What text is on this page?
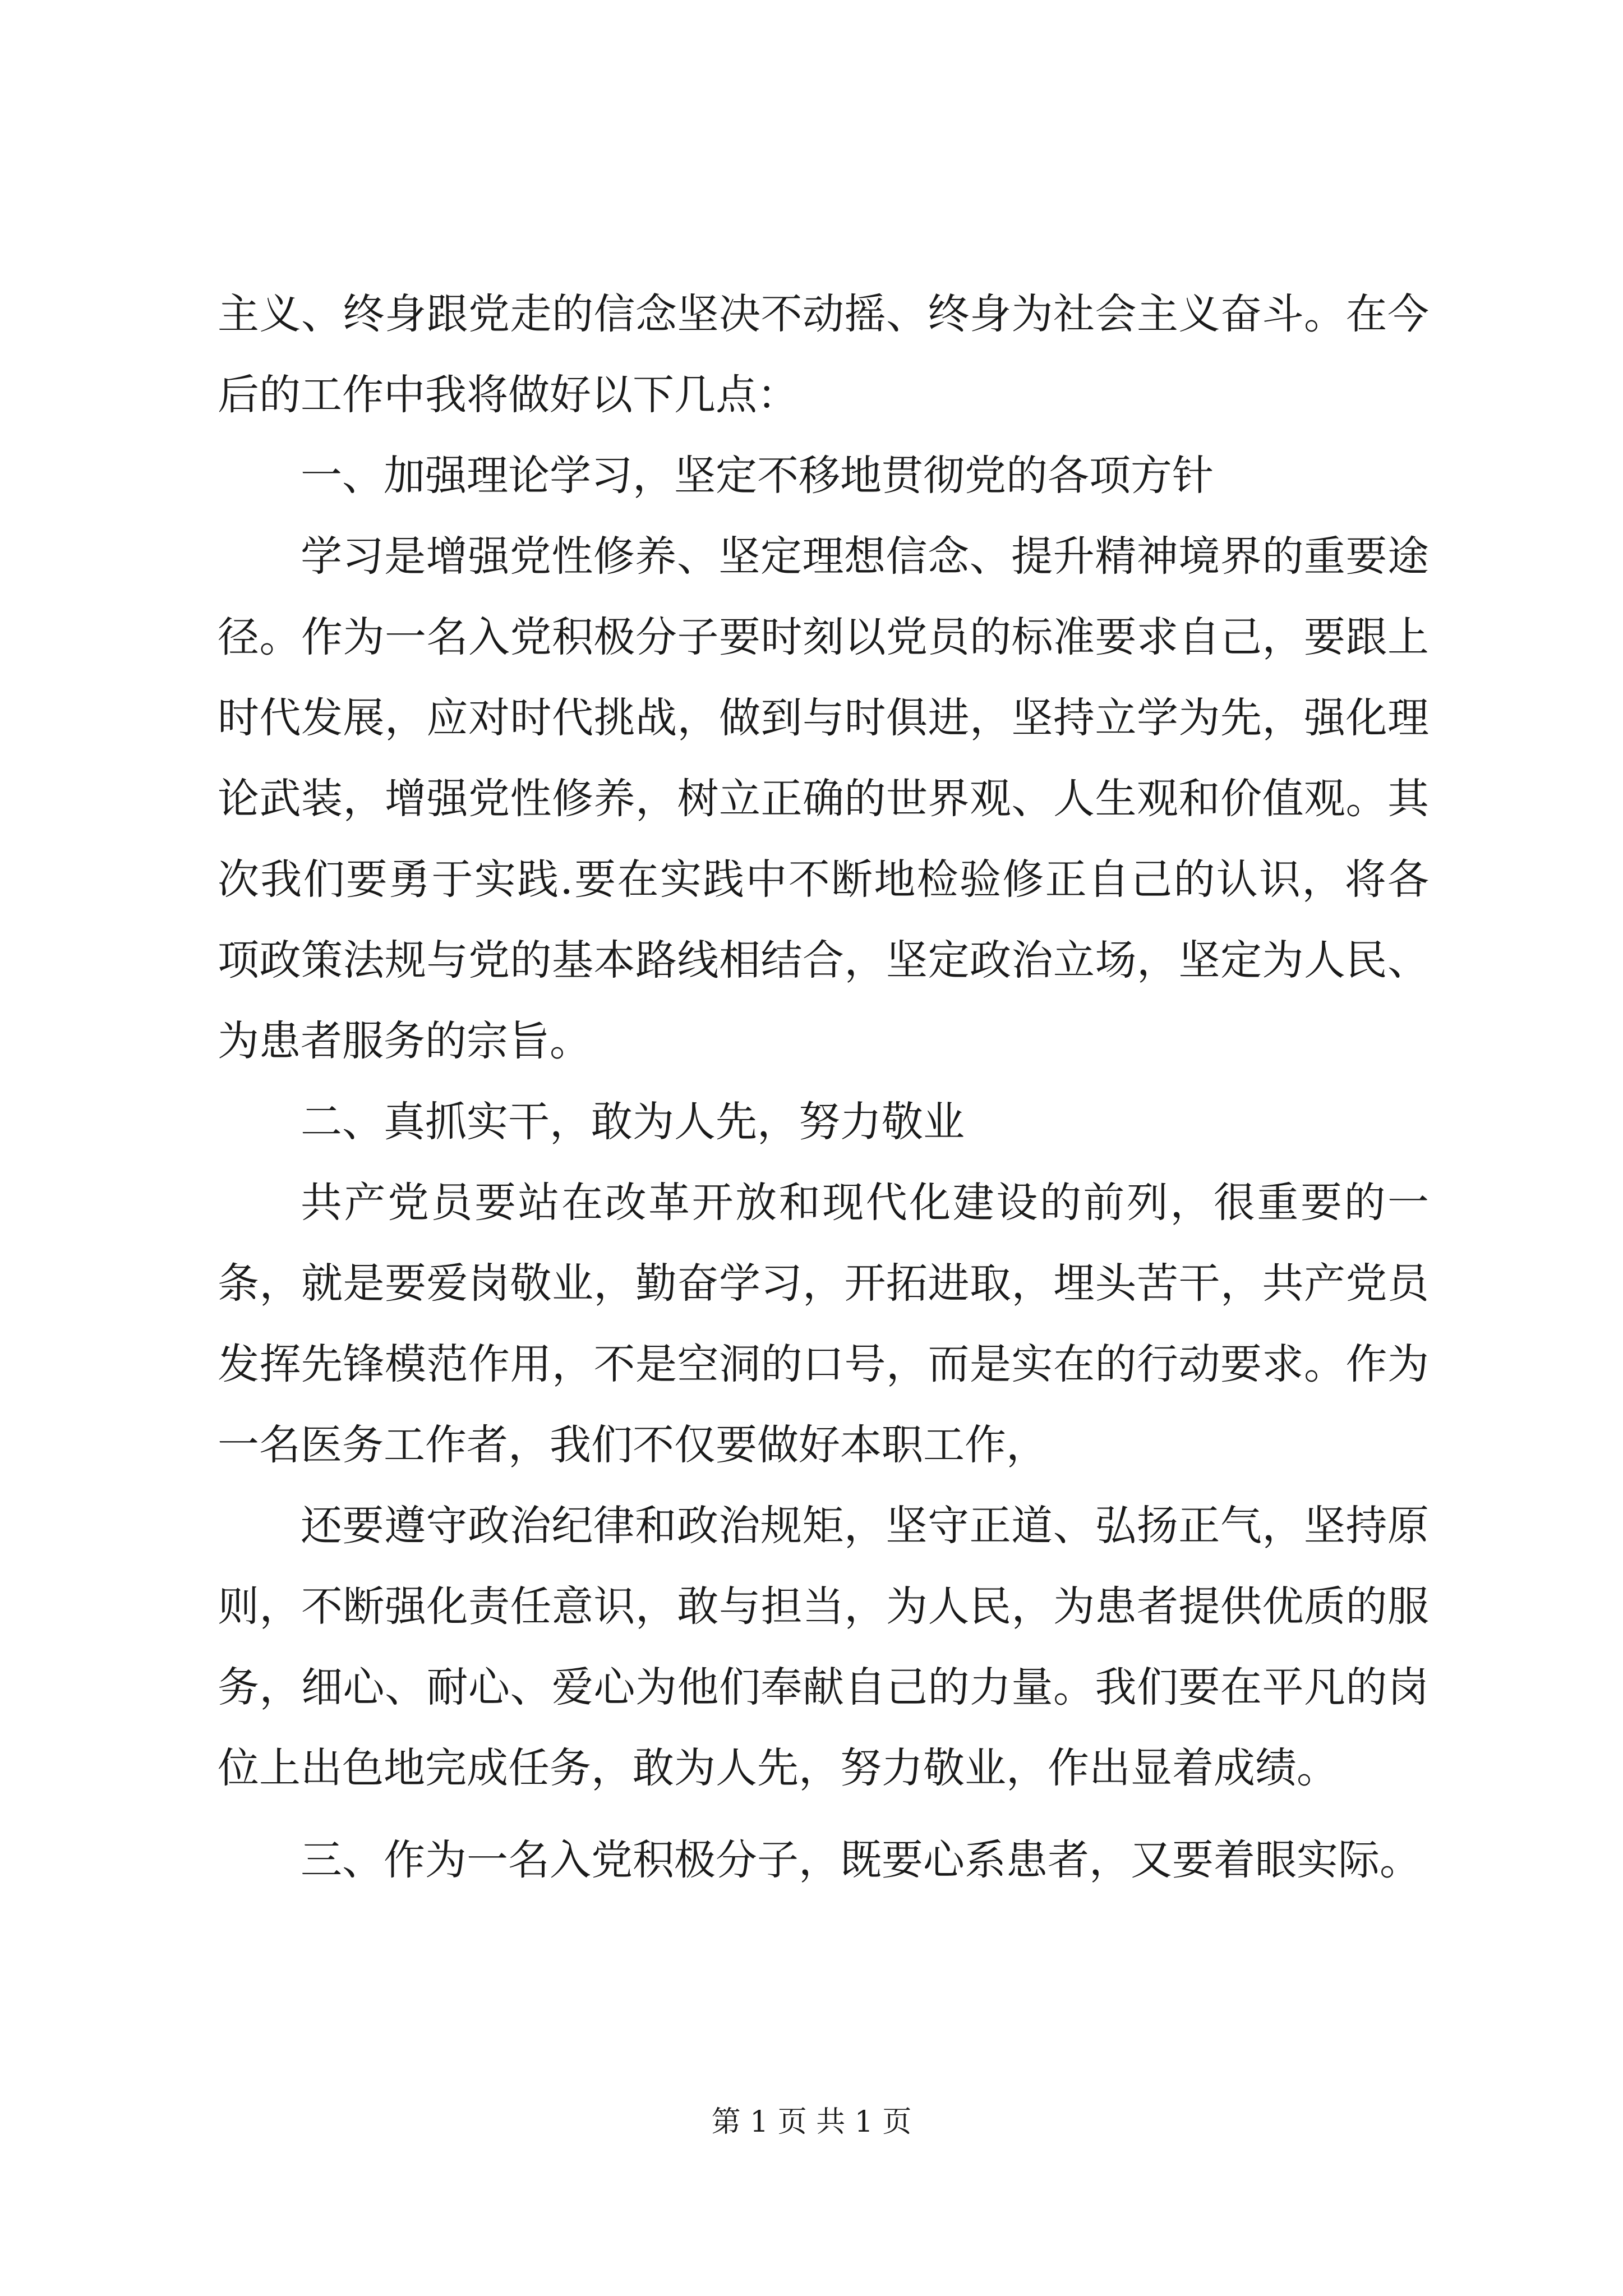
主义、终身跟党走的信念坚决不动摇、终身为社会主义奋斗。在今后的工作中我将做好以下几点：

一、加强理论学习，坚定不移地贯彻党的各项方针

学习是增强党性修养、坚定理想信念、提升精神境界的重要途径。作为一名入党积极分子要时刻以党员的标准要求自己，要跟上时代发展，应对时代挑战，做到与时俱进，坚持立学为先，强化理论武装，增强党性修养，树立正确的世界观、人生观和价值观。其次我们要勇于实践.要在实践中不断地检验修正自己的认识，将各项政策法规与党的基本路线相结合，坚定政治立场，坚定为人民、为患者服务的宗旨。

二、真抓实干，敢为人先，努力敬业

共产党员要站在改革开放和现代化建设的前列，很重要的一条，就是要爱岗敬业，勤奋学习，开拓进取，埋头苦干，共产党员发挥先锋模范作用，不是空洞的口号，而是实在的行动要求。作为一名医务工作者，我们不仅要做好本职工作，

还要遵守政治纪律和政治规矩，坚守正道、弘扬正气，坚持原则，不断强化责任意识，敢与担当，为人民，为患者提供优质的服务，细心、耐心、爱心为他们奉献自己的力量。我们要在平凡的岗位上出色地完成任务，敢为人先，努力敬业，作出显着成绩。

三、作为一名入党积极分子，既要心系患者，又要着眼实际。

第 1 页 共 1 页
